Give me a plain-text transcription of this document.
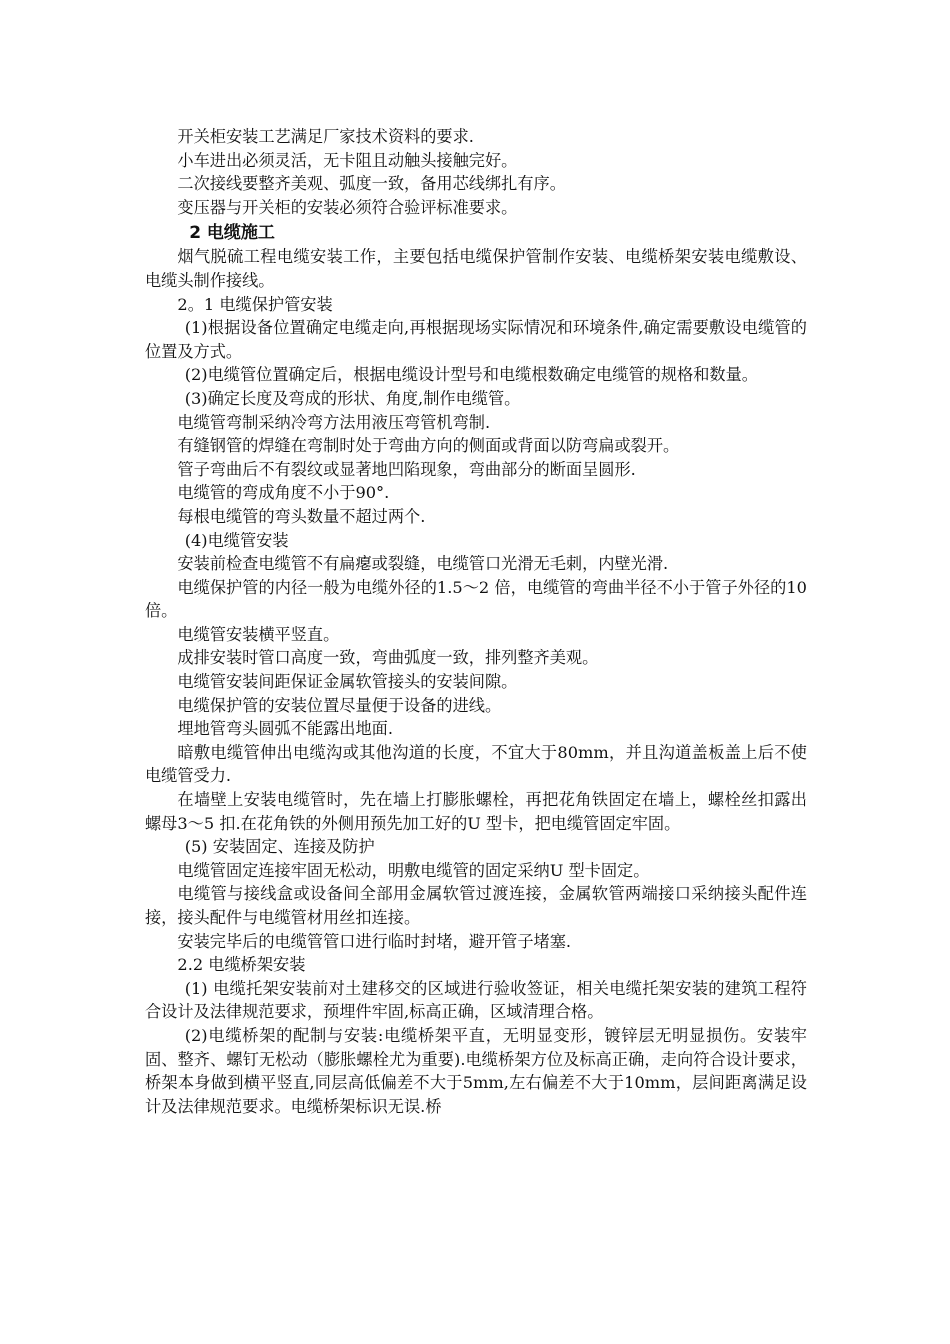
开关柜安装工艺满足厂家技术资料的要求.

小车进出必须灵活，无卡阻且动触头接触完好。

二次接线要整齐美观、弧度一致，备用芯线绑扎有序。

变压器与开关柜的安装必须符合验评标准要求。

2 电缆施工

烟气脱硫工程电缆安装工作，主要包括电缆保护管制作安装、电缆桥架安装电缆敷设、电缆头制作接线。

2。1 电缆保护管安装

(1)根据设备位置确定电缆走向,再根据现场实际情况和环境条件,确定需要敷设电缆管的位置及方式。

(2)电缆管位置确定后，根据电缆设计型号和电缆根数确定电缆管的规格和数量。

(3)确定长度及弯成的形状、角度,制作电缆管。

电缆管弯制采纳冷弯方法用液压弯管机弯制.

有缝钢管的焊缝在弯制时处于弯曲方向的侧面或背面以防弯扁或裂开。

管子弯曲后不有裂纹或显著地凹陷现象，弯曲部分的断面呈圆形.

电缆管的弯成角度不小于90°.

每根电缆管的弯头数量不超过两个.

(4)电缆管安装

安装前检查电缆管不有扁瘪或裂缝，电缆管口光滑无毛刺，内壁光滑.

电缆保护管的内径一般为电缆外径的1.5～2 倍，电缆管的弯曲半径不小于管子外径的10 倍。

电缆管安装横平竖直。

成排安装时管口高度一致，弯曲弧度一致，排列整齐美观。

电缆管安装间距保证金属软管接头的安装间隙。

电缆保护管的安装位置尽量便于设备的进线。

埋地管弯头圆弧不能露出地面.

暗敷电缆管伸出电缆沟或其他沟道的长度，不宜大于80mm，并且沟道盖板盖上后不使电缆管受力.

在墙壁上安装电缆管时，先在墙上打膨胀螺栓，再把花角铁固定在墙上，螺栓丝扣露出螺母3～5 扣.在花角铁的外侧用预先加工好的U 型卡，把电缆管固定牢固。

(5) 安装固定、连接及防护

电缆管固定连接牢固无松动，明敷电缆管的固定采纳U 型卡固定。

电缆管与接线盒或设备间全部用金属软管过渡连接，金属软管两端接口采纳接头配件连接，接头配件与电缆管材用丝扣连接。

安装完毕后的电缆管管口进行临时封堵，避开管子堵塞.

2.2 电缆桥架安装

(1) 电缆托架安装前对土建移交的区域进行验收签证，相关电缆托架安装的建筑工程符合设计及法律规范要求，预埋件牢固,标高正确，区域清理合格。

(2)电缆桥架的配制与安装:电缆桥架平直，无明显变形，镀锌层无明显损伤。安装牢固、整齐、螺钉无松动（膨胀螺栓尤为重要).电缆桥架方位及标高正确，走向符合设计要求，桥架本身做到横平竖直,同层高低偏差不大于5mm,左右偏差不大于10mm，层间距离满足设计及法律规范要求。电缆桥架标识无误.桥
